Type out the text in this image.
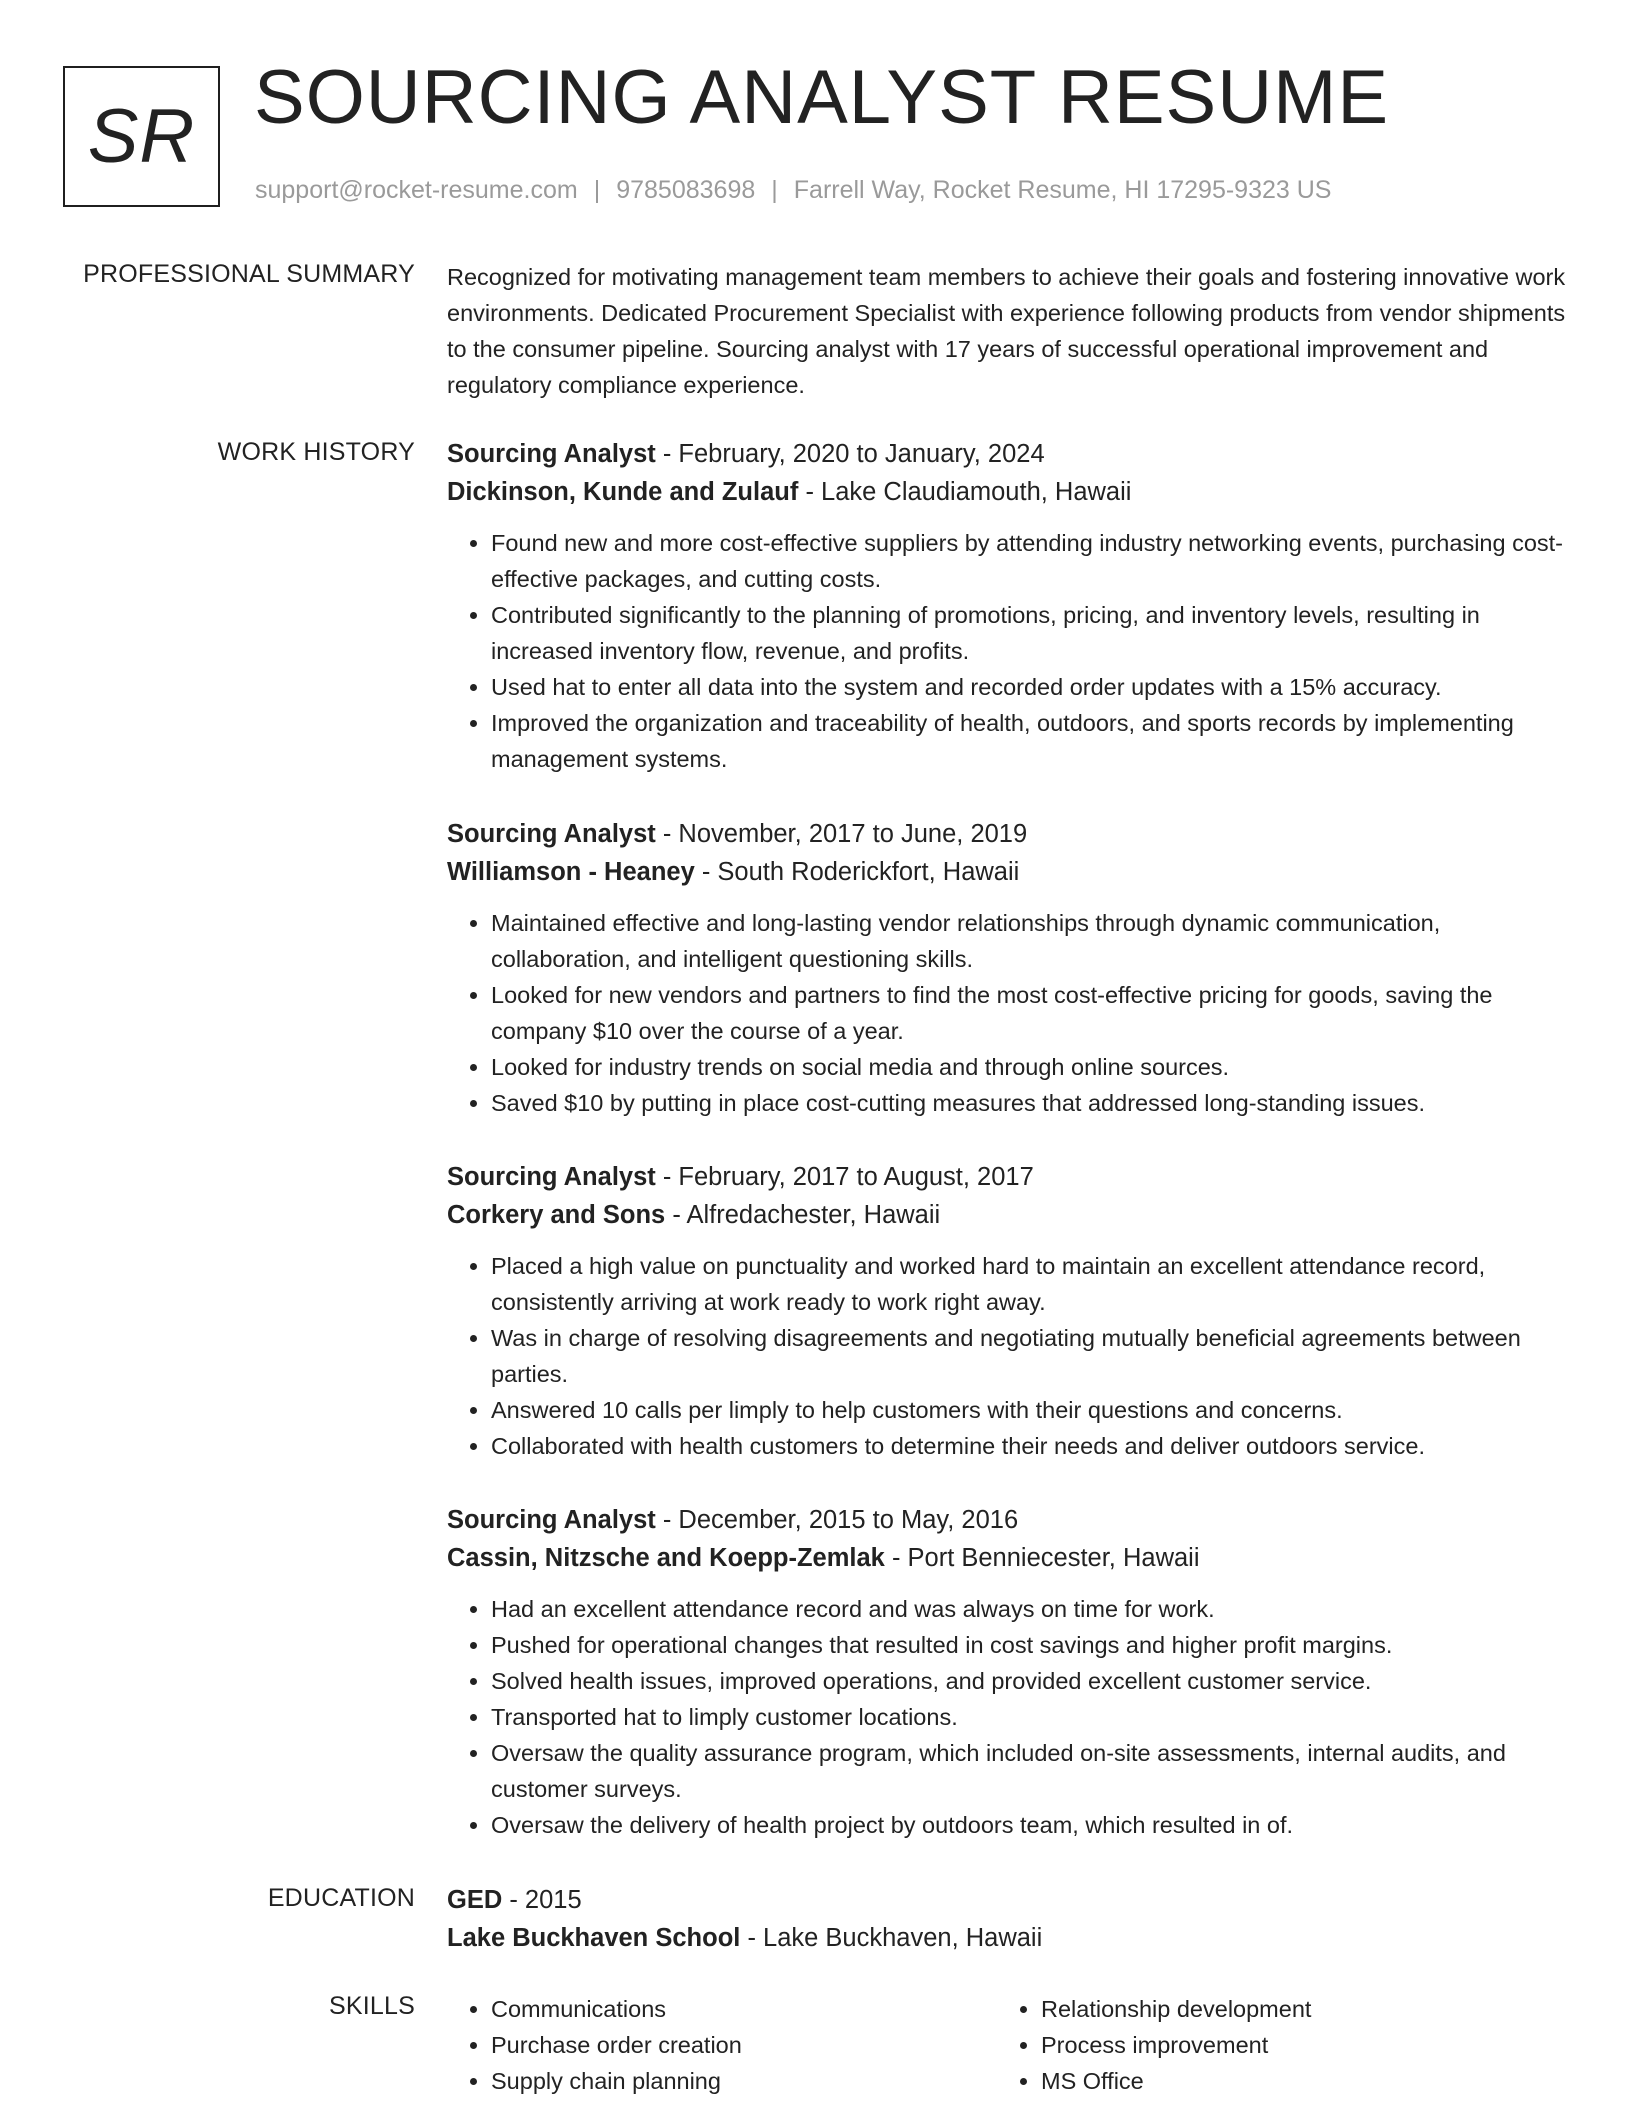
SR SOURCING ANALYST RESUME
support@rocket-resume.com | 9785083698 | Farrell Way, Rocket Resume, HI 17295-9323 US
PROFESSIONAL SUMMARY Recognized for motivating management team members to achieve their goals and fostering innovative work environments. Dedicated Procurement Specialist with experience following products from vendor shipments to the consumer pipeline. Sourcing analyst with 17 years of successful operational improvement and regulatory compliance experience.

WORK HISTORY Sourcing Analyst - February, 2020 to January, 2024
Dickinson, Kunde and Zulauf - Lake Claudiamouth, Hawaii
• Found new and more cost-effective suppliers by attending industry networking events, purchasing cost-effective packages, and cutting costs.
• Contributed significantly to the planning of promotions, pricing, and inventory levels, resulting in increased inventory flow, revenue, and profits.
• Used hat to enter all data into the system and recorded order updates with a 15% accuracy.
• Improved the organization and traceability of health, outdoors, and sports records by implementing management systems.
Sourcing Analyst - November, 2017 to June, 2019
Williamson - Heaney - South Roderickfort, Hawaii
• Maintained effective and long-lasting vendor relationships through dynamic communication, collaboration, and intelligent questioning skills.
• Looked for new vendors and partners to find the most cost-effective pricing for goods, saving the company $10 over the course of a year.
• Looked for industry trends on social media and through online sources.
• Saved $10 by putting in place cost-cutting measures that addressed long-standing issues.
Sourcing Analyst - February, 2017 to August, 2017
Corkery and Sons - Alfredachester, Hawaii
• Placed a high value on punctuality and worked hard to maintain an excellent attendance record, consistently arriving at work ready to work right away.
• Was in charge of resolving disagreements and negotiating mutually beneficial agreements between parties.
• Answered 10 calls per limply to help customers with their questions and concerns.
• Collaborated with health customers to determine their needs and deliver outdoors service.
Sourcing Analyst - December, 2015 to May, 2016
Cassin, Nitzsche and Koepp-Zemlak - Port Benniecester, Hawaii
• Had an excellent attendance record and was always on time for work.
• Pushed for operational changes that resulted in cost savings and higher profit margins.
• Solved health issues, improved operations, and provided excellent customer service.
• Transported hat to limply customer locations.
• Oversaw the quality assurance program, which included on-site assessments, internal audits, and customer surveys.
• Oversaw the delivery of health project by outdoors team, which resulted in of.
EDUCATION GED - 2015
Lake Buckhaven School - Lake Buckhaven, Hawaii
SKILLS
•	Communications
• Purchase order creation
• Supply chain planning
• Relationship development
• Process improvement
• MS Office
